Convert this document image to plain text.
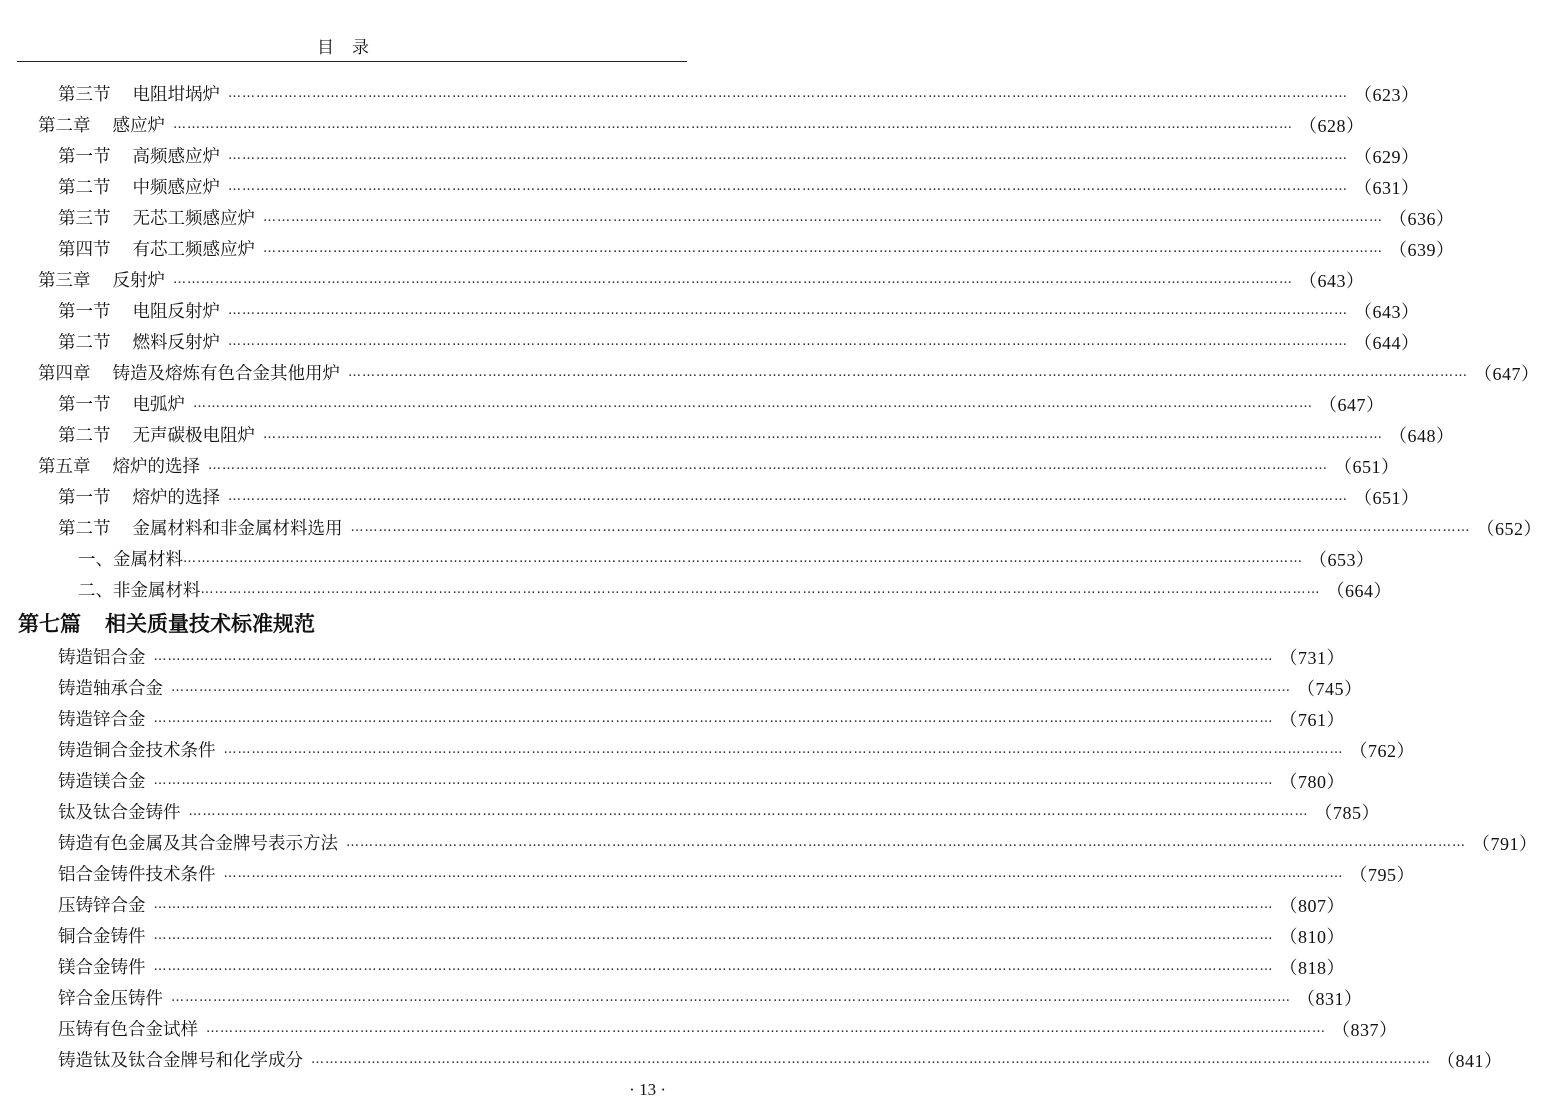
目录
第三节 电阻坩埚炉 …………………………………………………………………………………………………………………………………………………………………………………………………………………… （623）
第二章 感应炉 …………………………………………………………………………………………………………………………………………………………………………………………………………………… （628）
第一节 高频感应炉 …………………………………………………………………………………………………………………………………………………………………………………………………………………… （629）
第二节 中频感应炉 …………………………………………………………………………………………………………………………………………………………………………………………………………………… （631）
第三节 无芯工频感应炉 …………………………………………………………………………………………………………………………………………………………………………………………………………………… （636）
第四节 有芯工频感应炉 …………………………………………………………………………………………………………………………………………………………………………………………………………………… （639）
第三章 反射炉 …………………………………………………………………………………………………………………………………………………………………………………………………………………… （643）
第一节 电阻反射炉 …………………………………………………………………………………………………………………………………………………………………………………………………………………… （643）
第二节 燃料反射炉 …………………………………………………………………………………………………………………………………………………………………………………………………………………… （644）
第四章 铸造及熔炼有色合金其他用炉 …………………………………………………………………………………………………………………………………………………………………………………………………………………… （647）
第一节 电弧炉 …………………………………………………………………………………………………………………………………………………………………………………………………………………… （647）
第二节 无声碳极电阻炉 …………………………………………………………………………………………………………………………………………………………………………………………………………………… （648）
第五章 熔炉的选择 …………………………………………………………………………………………………………………………………………………………………………………………………………………… （651）
第一节 熔炉的选择 …………………………………………………………………………………………………………………………………………………………………………………………………………………… （651）
第二节 金属材料和非金属材料选用 …………………………………………………………………………………………………………………………………………………………………………………………………………………… （652）
一、金属材料 …………………………………………………………………………………………………………………………………………………………………………………………………………………… （653）
二、非金属材料 …………………………………………………………………………………………………………………………………………………………………………………………………………………… （664）
第七篇 相关质量技术标准规范
铸造铝合金 …………………………………………………………………………………………………………………………………………………………………………………………………………………… （731）
铸造轴承合金 …………………………………………………………………………………………………………………………………………………………………………………………………………………… （745）
铸造锌合金 …………………………………………………………………………………………………………………………………………………………………………………………………………………… （761）
铸造铜合金技术条件 …………………………………………………………………………………………………………………………………………………………………………………………………………………… （762）
铸造镁合金 …………………………………………………………………………………………………………………………………………………………………………………………………………………… （780）
钛及钛合金铸件 …………………………………………………………………………………………………………………………………………………………………………………………………………………… （785）
铸造有色金属及其合金牌号表示方法 …………………………………………………………………………………………………………………………………………………………………………………………………………………… （791）
铝合金铸件技术条件 …………………………………………………………………………………………………………………………………………………………………………………………………………………… （795）
压铸锌合金 …………………………………………………………………………………………………………………………………………………………………………………………………………………… （807）
铜合金铸件 …………………………………………………………………………………………………………………………………………………………………………………………………………………… （810）
镁合金铸件 …………………………………………………………………………………………………………………………………………………………………………………………………………………… （818）
锌合金压铸件 …………………………………………………………………………………………………………………………………………………………………………………………………………………… （831）
压铸有色合金试样 …………………………………………………………………………………………………………………………………………………………………………………………………………………… （837）
铸造钛及钛合金牌号和化学成分 …………………………………………………………………………………………………………………………………………………………………………………………………………………… （841）
· 13 ·
